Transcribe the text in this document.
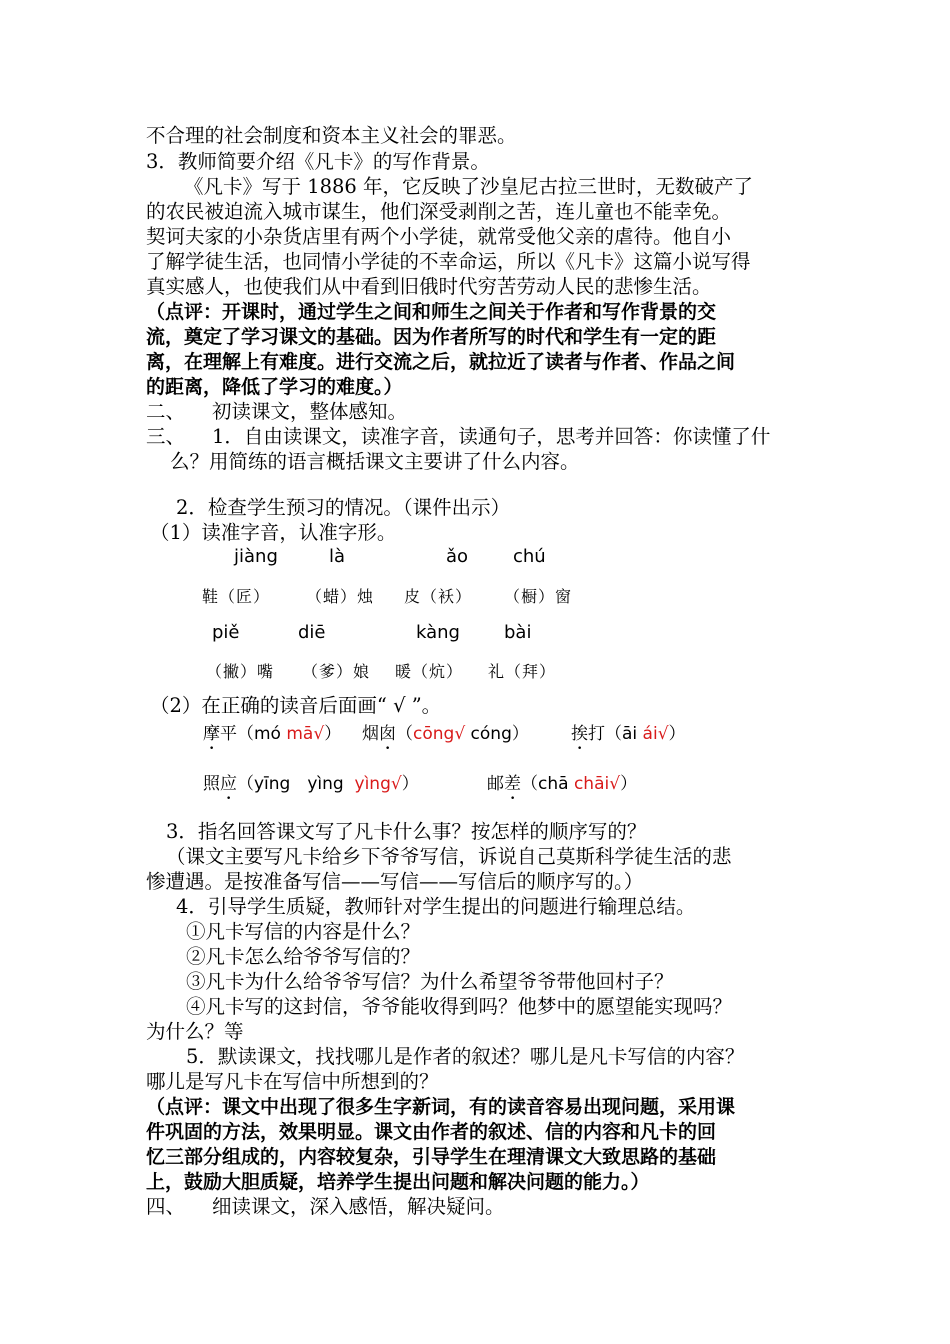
不合理的社会制度和资本主义社会的罪恶。
3．教师简要介绍《凡卡》的写作背景。
《凡卡》写于 1886 年，它反映了沙皇尼古拉三世时，无数破产了
的农民被迫流入城市谋生，他们深受剥削之苦，连儿童也不能幸免。
契诃夫家的小杂货店里有两个小学徒，就常受他父亲的虐待。他自小
了解学徒生活，也同情小学徒的不幸命运，所以《凡卡》这篇小说写得
真实感人，也使我们从中看到旧俄时代穷苦劳动人民的悲惨生活。
（点评：开课时，通过学生之间和师生之间关于作者和写作背景的交
流，奠定了学习课文的基础。因为作者所写的时代和学生有一定的距
离，在理解上有难度。进行交流之后，就拉近了读者与作者、作品之间
的距离，降低了学习的难度。）
二、 初读课文，整体感知。
三、 1．自由读课文，读准字音，读通句子，思考并回答：你读懂了什
么？用简练的语言概括课文主要讲了什么内容。
2．检查学生预习的情况。（课件出示）
（1）读准字音，认准字形。
jiàng	là	ǎo chú
鞋（匠） （蜡）烛 皮（袄） （橱）窗
piě	diē	kàng bài
（撇）嘴 （爹）娘 暖（炕） 礼（拜）
（2）在正确的读音后面画“ √ ”。
摩平（mó mā√） 烟囱（cōng√ cóng） 挨打（āi ái√）
照应（yīng　yìng yìng√）	邮差（chā chāi√）
3．指名回答课文写了凡卡什么事？按怎样的顺序写的？
（课文主要写凡卡给乡下爷爷写信，诉说自己莫斯科学徒生活的悲
惨遭遇。是按准备写信——写信——写信后的顺序写的。）
4．引导学生质疑，教师针对学生提出的问题进行输理总结。
①凡卡写信的内容是什么？
②凡卡怎么给爷爷写信的？
③凡卡为什么给爷爷写信？为什么希望爷爷带他回村子？
④凡卡写的这封信，爷爷能收得到吗？他梦中的愿望能实现吗？
为什么？等
5．默读课文，找找哪儿是作者的叙述？哪儿是凡卡写信的内容？
哪儿是写凡卡在写信中所想到的？
（点评：课文中出现了很多生字新词，有的读音容易出现问题，采用课
件巩固的方法，效果明显。课文由作者的叙述、信的内容和凡卡的回
忆三部分组成的，内容较复杂，引导学生在理清课文大致思路的基础
上，鼓励大胆质疑，培养学生提出问题和解决问题的能力。）
四、 细读课文，深入感悟，解决疑问。
